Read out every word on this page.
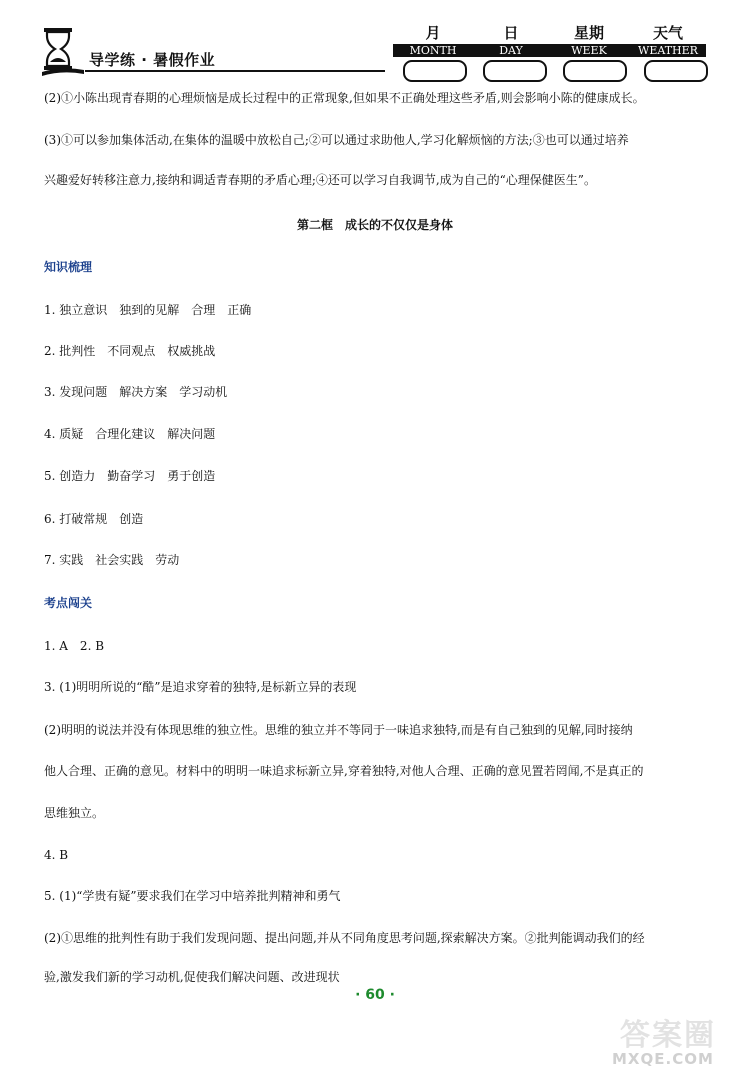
导学练 · 暑假作业
月	日	星期	天气
MONTH	DAY	WEEK	WEATHER
(2)①小陈出现青春期的心理烦恼是成长过程中的正常现象,但如果不正确处理这些矛盾,则会影响小陈的健康成长。
(3)①可以参加集体活动,在集体的温暖中放松自己;②可以通过求助他人,学习化解烦恼的方法;③也可以通过培养
兴趣爱好转移注意力,接纳和调适青春期的矛盾心理;④还可以学习自我调节,成为自己的“心理保健医生”。
第二框　成长的不仅仅是身体
知识梳理
1. 独立意识　独到的见解　合理　正确
2. 批判性　不同观点　权威挑战
3. 发现问题　解决方案　学习动机
4. 质疑　合理化建议　解决问题
5. 创造力　勤奋学习　勇于创造
6. 打破常规　创造
7. 实践　社会实践　劳动
考点闯关
1. A　2. B
3. (1)明明所说的“酷”是追求穿着的独特,是标新立异的表现
(2)明明的说法并没有体现思维的独立性。思维的独立并不等同于一味追求独特,而是有自己独到的见解,同时接纳
他人合理、正确的意见。材料中的明明一味追求标新立异,穿着独特,对他人合理、正确的意见置若罔闻,不是真正的
思维独立。
4. B
5. (1)“学贵有疑”要求我们在学习中培养批判精神和勇气
(2)①思维的批判性有助于我们发现问题、提出问题,并从不同角度思考问题,探索解决方案。②批判能调动我们的经
验,激发我们新的学习动机,促使我们解决问题、改进现状
· 60 ·
答案圈
MXQE.COM
